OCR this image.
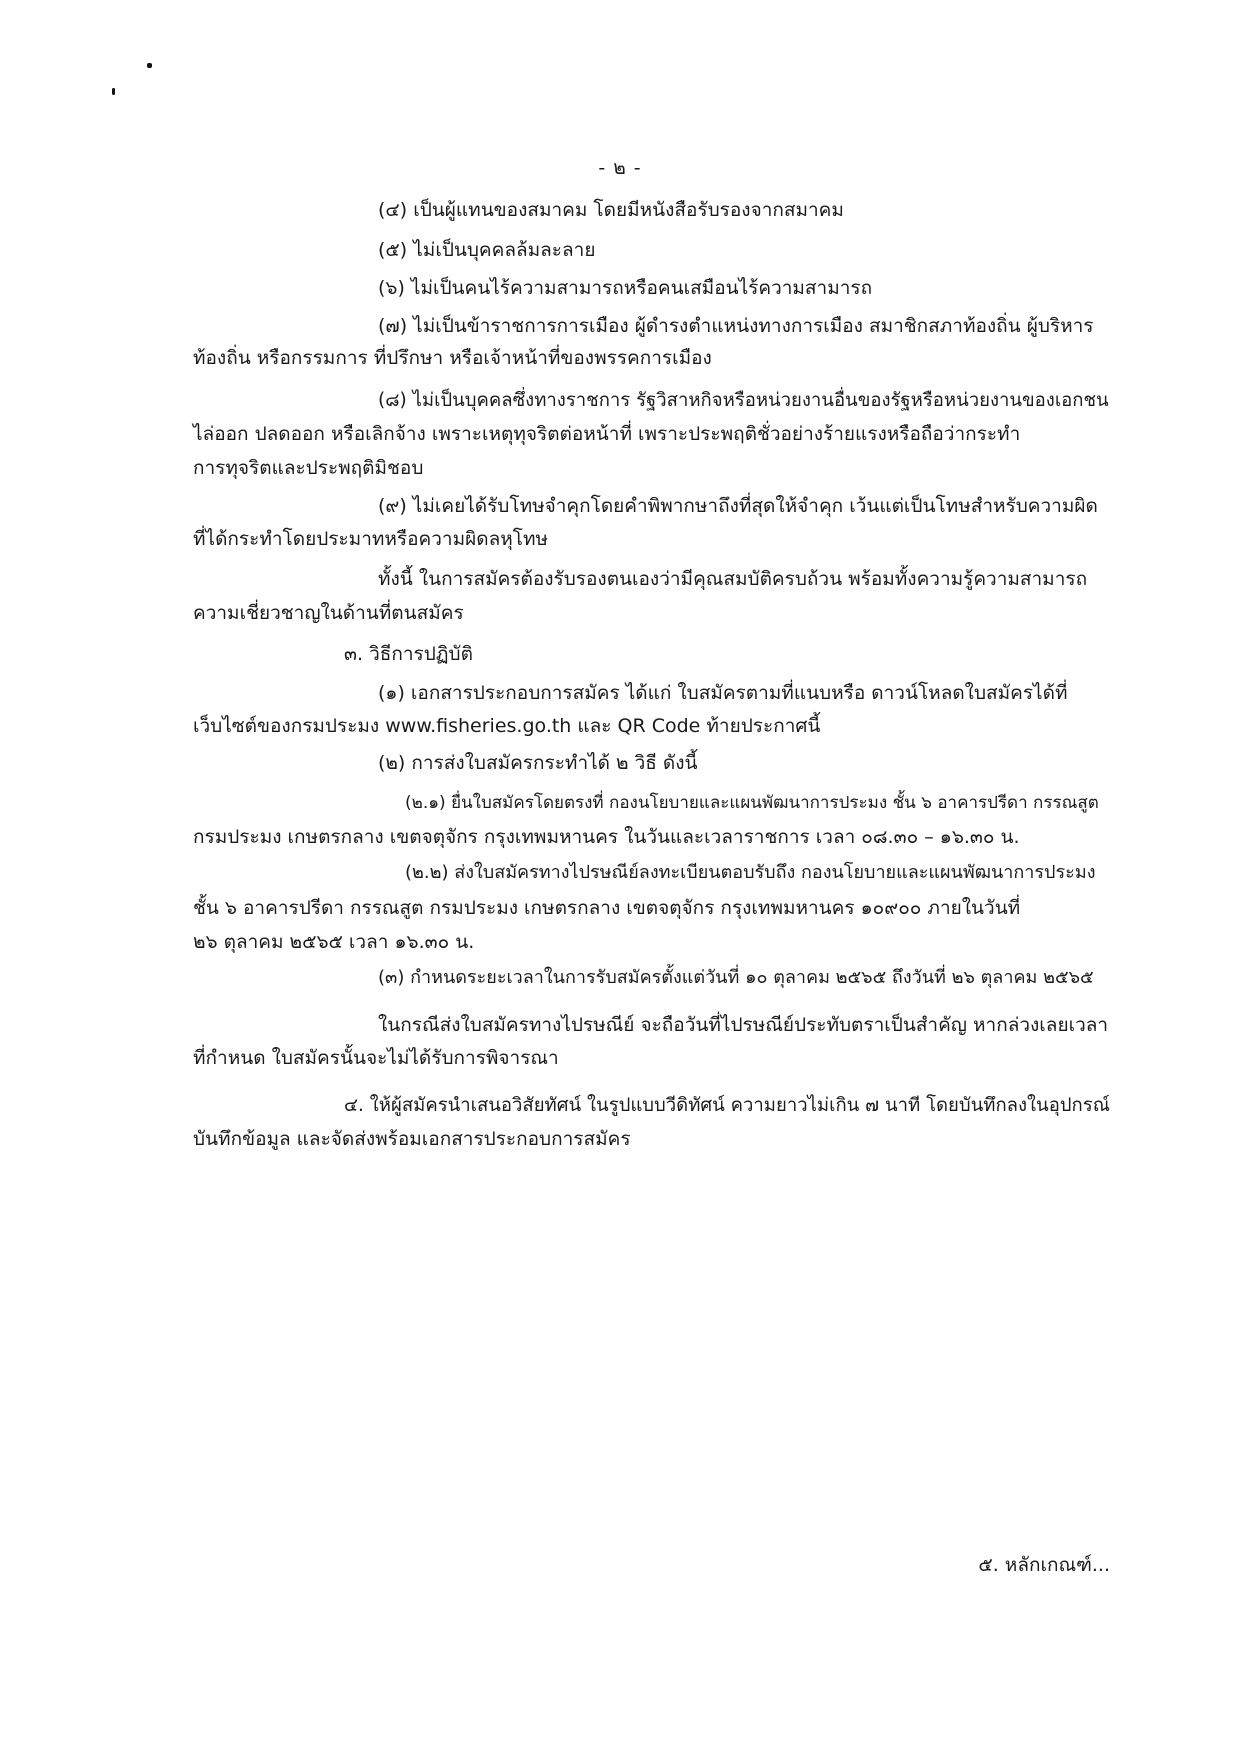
- ๒ -
(๔) เป็นผู้แทนของสมาคม โดยมีหนังสือรับรองจากสมาคม
(๕) ไม่เป็นบุคคลล้มละลาย
(๖) ไม่เป็นคนไร้ความสามารถหรือคนเสมือนไร้ความสามารถ
(๗) ไม่เป็นข้าราชการการเมือง ผู้ดำรงตำแหน่งทางการเมือง สมาชิกสภาท้องถิ่น ผู้บริหาร
ท้องถิ่น หรือกรรมการ ที่ปรึกษา หรือเจ้าหน้าที่ของพรรคการเมือง
(๘) ไม่เป็นบุคคลซึ่งทางราชการ รัฐวิสาหกิจหรือหน่วยงานอื่นของรัฐหรือหน่วยงานของเอกชน
ไล่ออก ปลดออก หรือเลิกจ้าง เพราะเหตุทุจริตต่อหน้าที่ เพราะประพฤติชั่วอย่างร้ายแรงหรือถือว่ากระทำ
การทุจริตและประพฤติมิชอบ
(๙) ไม่เคยได้รับโทษจำคุกโดยคำพิพากษาถึงที่สุดให้จำคุก เว้นแต่เป็นโทษสำหรับความผิด
ที่ได้กระทำโดยประมาทหรือความผิดลหุโทษ
ทั้งนี้ ในการสมัครต้องรับรองตนเองว่ามีคุณสมบัติครบถ้วน พร้อมทั้งความรู้ความสามารถ
ความเชี่ยวชาญในด้านที่ตนสมัคร
๓. วิธีการปฏิบัติ
(๑) เอกสารประกอบการสมัคร ได้แก่ ใบสมัครตามที่แนบหรือ ดาวน์โหลดใบสมัครได้ที่
เว็บไซต์ของกรมประมง www.fisheries.go.th และ QR Code ท้ายประกาศนี้
(๒) การส่งใบสมัครกระทำได้ ๒ วิธี ดังนี้
(๒.๑) ยื่นใบสมัครโดยตรงที่ กองนโยบายและแผนพัฒนาการประมง ชั้น ๖ อาคารปรีดา กรรณสูต
กรมประมง เกษตรกลาง เขตจตุจักร กรุงเทพมหานคร ในวันและเวลาราชการ เวลา ๐๘.๓๐ – ๑๖.๓๐ น.
(๒.๒) ส่งใบสมัครทางไปรษณีย์ลงทะเบียนตอบรับถึง กองนโยบายและแผนพัฒนาการประมง
ชั้น ๖ อาคารปรีดา กรรณสูต กรมประมง เกษตรกลาง เขตจตุจักร กรุงเทพมหานคร ๑๐๙๐๐ ภายในวันที่
๒๖ ตุลาคม ๒๕๖๕ เวลา ๑๖.๓๐ น.
(๓) กำหนดระยะเวลาในการรับสมัครตั้งแต่วันที่ ๑๐ ตุลาคม ๒๕๖๕ ถึงวันที่ ๒๖ ตุลาคม ๒๕๖๕
ในกรณีส่งใบสมัครทางไปรษณีย์ จะถือวันที่ไปรษณีย์ประทับตราเป็นสำคัญ หากล่วงเลยเวลา
ที่กำหนด ใบสมัครนั้นจะไม่ได้รับการพิจารณา
๔. ให้ผู้สมัครนำเสนอวิสัยทัศน์ ในรูปแบบวีดิทัศน์ ความยาวไม่เกิน ๗ นาที โดยบันทึกลงในอุปกรณ์
บันทึกข้อมูล และจัดส่งพร้อมเอกสารประกอบการสมัคร
๕. หลักเกณฑ์...
